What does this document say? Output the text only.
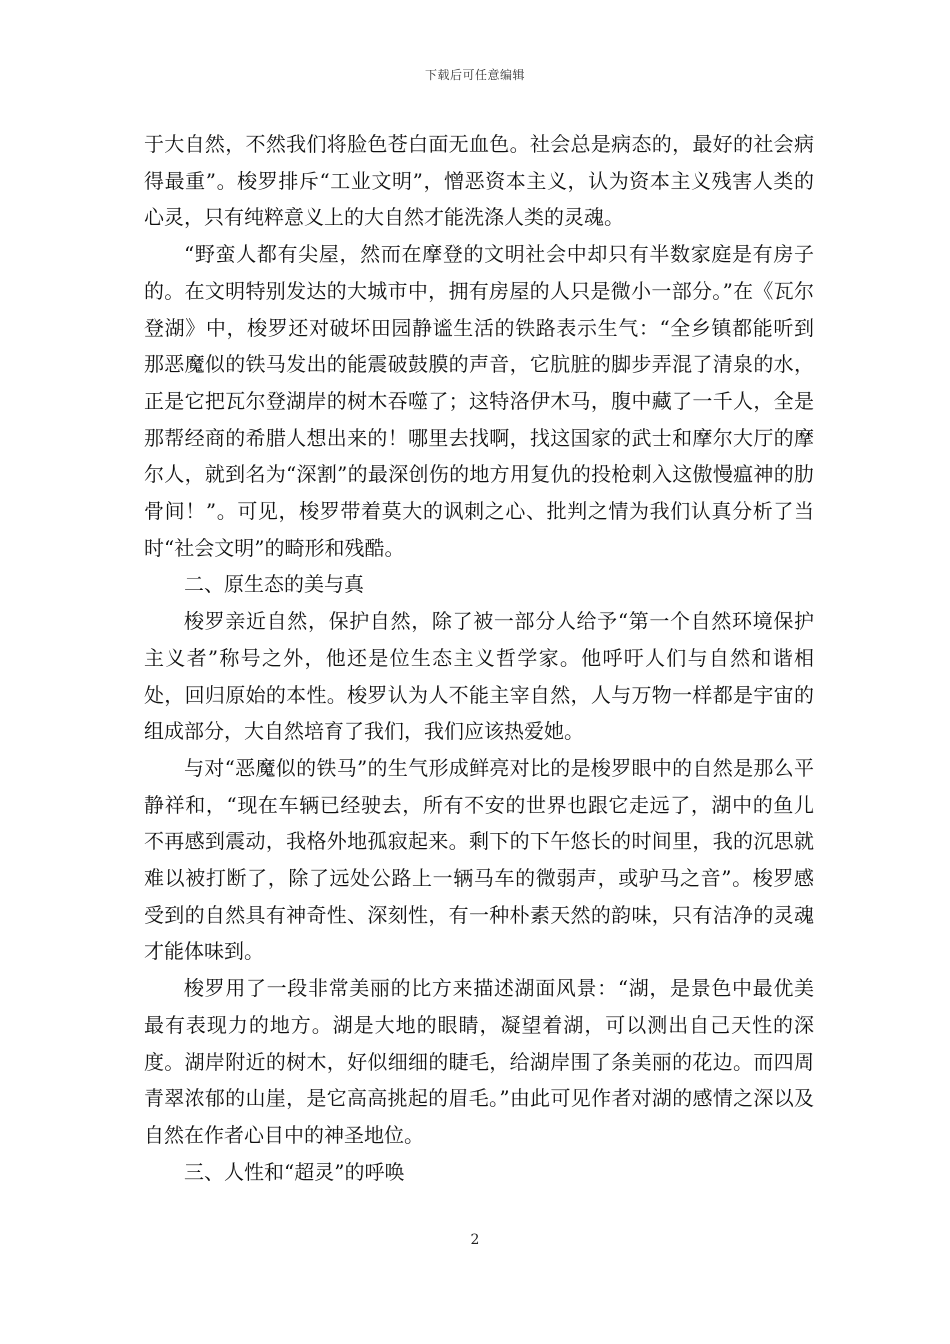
下载后可任意编辑

于大自然，不然我们将脸色苍白面无血色。社会总是病态的，最好的社会病得最重”。梭罗排斥“工业文明”，憎恶资本主义，认为资本主义残害人类的心灵，只有纯粹意义上的大自然才能洗涤人类的灵魂。

“野蛮人都有尖屋，然而在摩登的文明社会中却只有半数家庭是有房子的。在文明特别发达的大城市中，拥有房屋的人只是微小一部分。”在《瓦尔登湖》中，梭罗还对破坏田园静谧生活的铁路表示生气：“全乡镇都能听到那恶魔似的铁马发出的能震破鼓膜的声音，它肮脏的脚步弄混了清泉的水，正是它把瓦尔登湖岸的树木吞噬了；这特洛伊木马，腹中藏了一千人，全是那帮经商的希腊人想出来的！哪里去找啊，找这国家的武士和摩尔大厅的摩尔人，就到名为“深割”的最深创伤的地方用复仇的投枪刺入这傲慢瘟神的肋骨间！”。可见，梭罗带着莫大的讽刺之心、批判之情为我们认真分析了当时“社会文明”的畸形和残酷。

二、原生态的美与真

梭罗亲近自然，保护自然，除了被一部分人给予“第一个自然环境保护主义者”称号之外，他还是位生态主义哲学家。他呼吁人们与自然和谐相处，回归原始的本性。梭罗认为人不能主宰自然，人与万物一样都是宇宙的组成部分，大自然培育了我们，我们应该热爱她。

与对“恶魔似的铁马”的生气形成鲜亮对比的是梭罗眼中的自然是那么平静祥和，“现在车辆已经驶去，所有不安的世界也跟它走远了，湖中的鱼儿不再感到震动，我格外地孤寂起来。剩下的下午悠长的时间里，我的沉思就难以被打断了，除了远处公路上一辆马车的微弱声，或驴马之音”。梭罗感受到的自然具有神奇性、深刻性，有一种朴素天然的韵味，只有洁净的灵魂才能体味到。

梭罗用了一段非常美丽的比方来描述湖面风景：“湖，是景色中最优美最有表现力的地方。湖是大地的眼睛，凝望着湖，可以测出自己天性的深度。湖岸附近的树木，好似细细的睫毛，给湖岸围了条美丽的花边。而四周青翠浓郁的山崖，是它高高挑起的眉毛。”由此可见作者对湖的感情之深以及自然在作者心目中的神圣地位。

三、人性和“超灵”的呼唤

2
